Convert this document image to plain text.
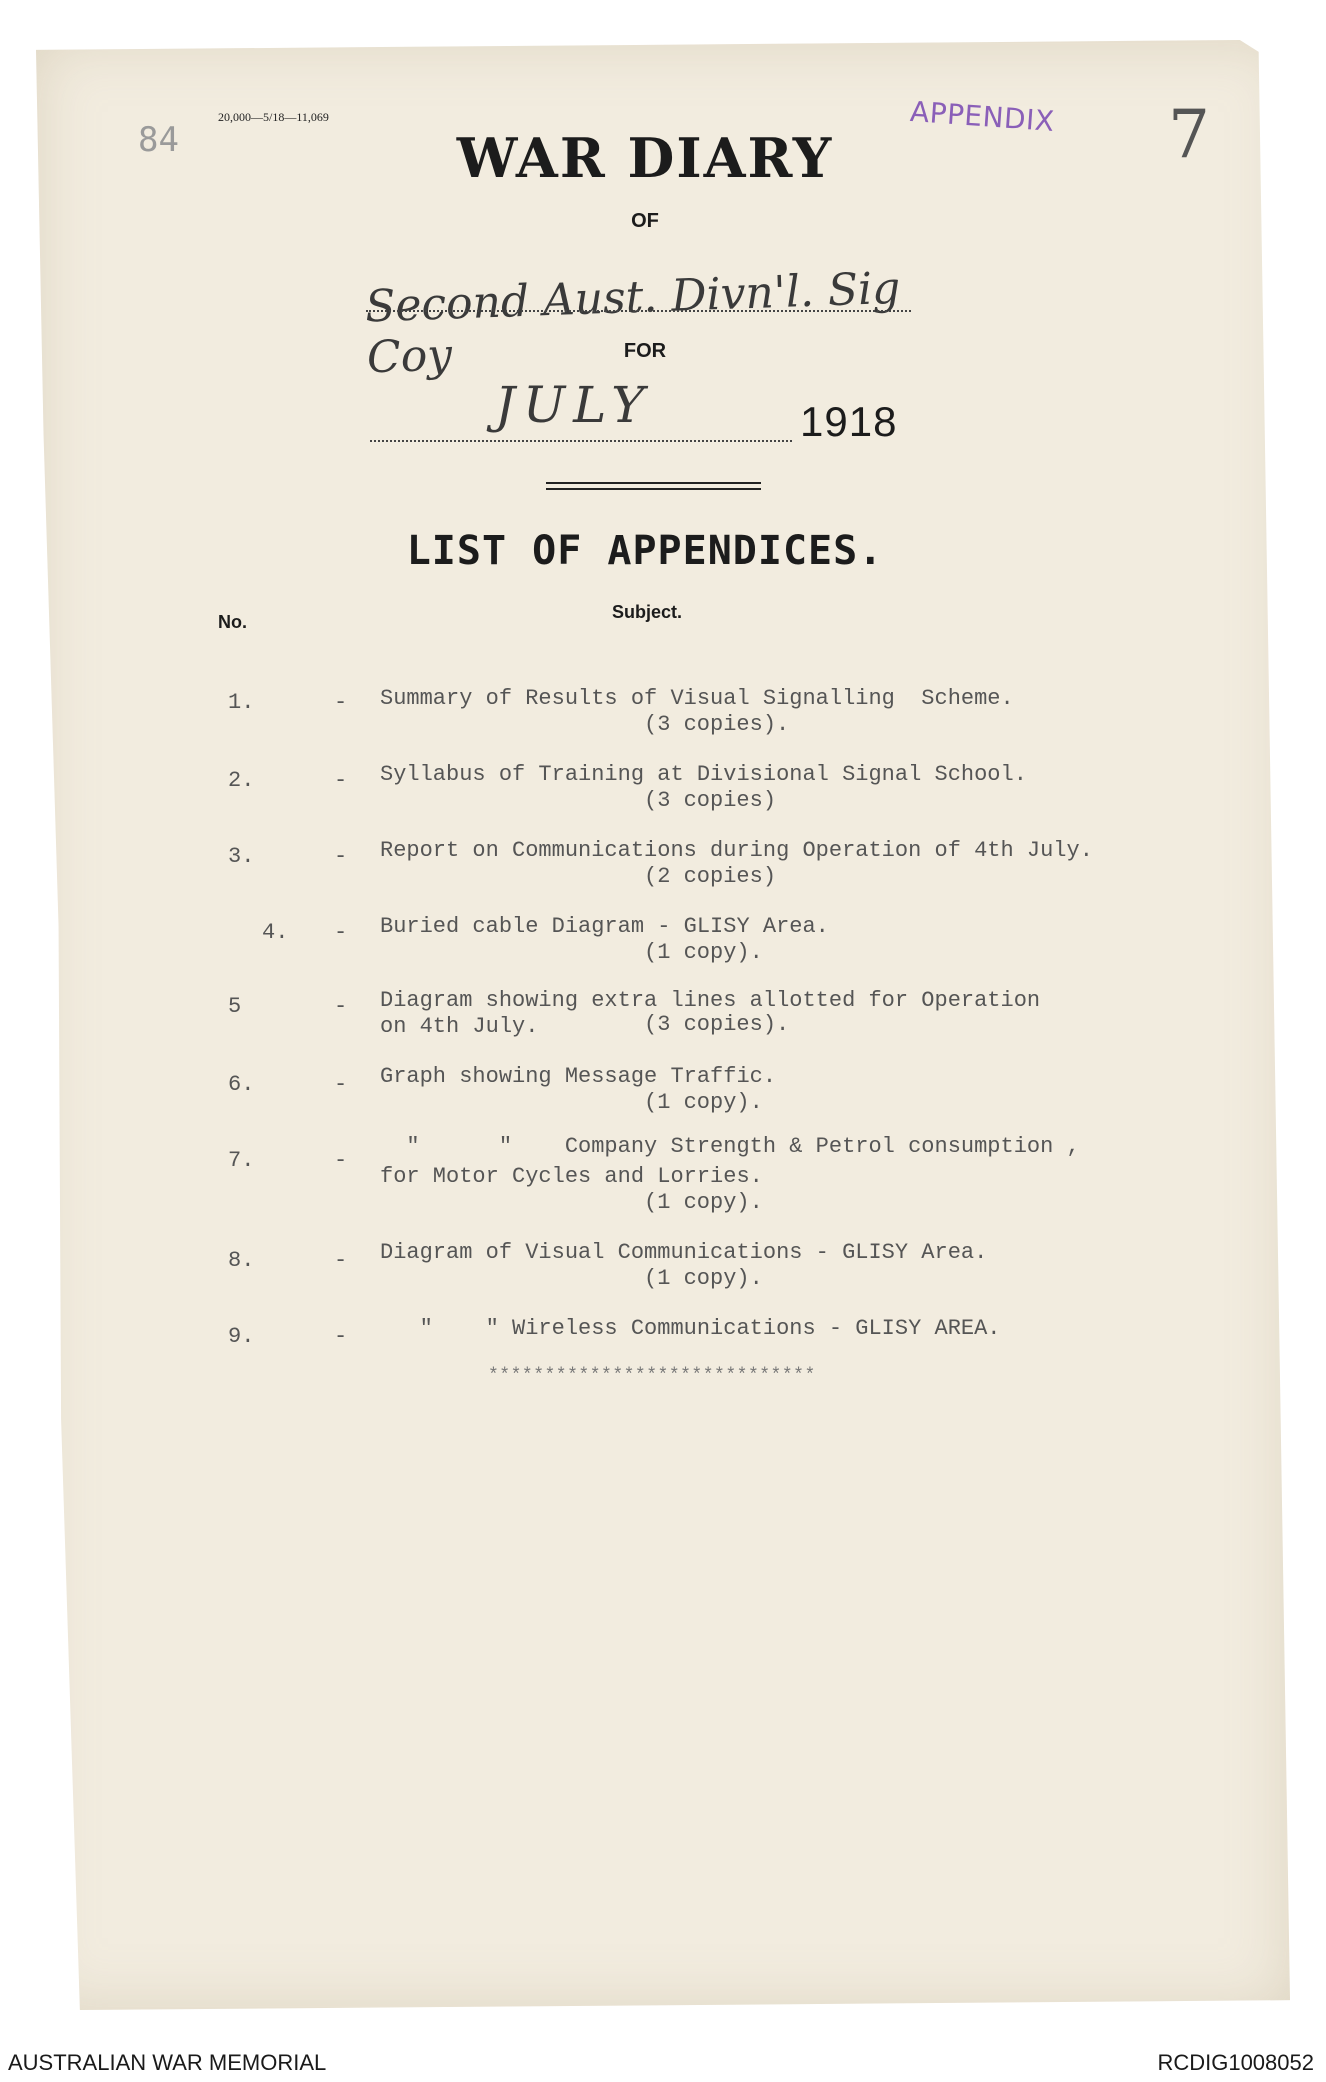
20,000—5/18—11,069
84
APPENDIX 7
WAR DIARY
OF
Second Aust. Divn'l. Sig Coy	FOR
JULY	1918
LIST OF APPENDICES.
No.	Subject.
1.	- Summary of Results of Visual Signalling  Scheme.
(3 copies).
2.	- Syllabus of Training at Divisional Signal School.
(3 copies)
3.	- Report on Communications during Operation of 4th July.
(2 copies)
4. - Buried cable Diagram - GLISY Area.
(1 copy).
5	- Diagram showing extra lines allotted for Operation
on 4th July.	(3 copies).
6.	- Graph showing Message Traffic.
(1 copy).
7.	-
"      "    Company Strength & Petrol consumption ,
for Motor Cycles and Lorries.
(1 copy).
8.	- Diagram of Visual Communications - GLISY Area.
(1 copy).
9.	- "    " Wireless Communications - GLISY AREA.
*****************************
AUSTRALIAN WAR MEMORIAL	RCDIG1008052
